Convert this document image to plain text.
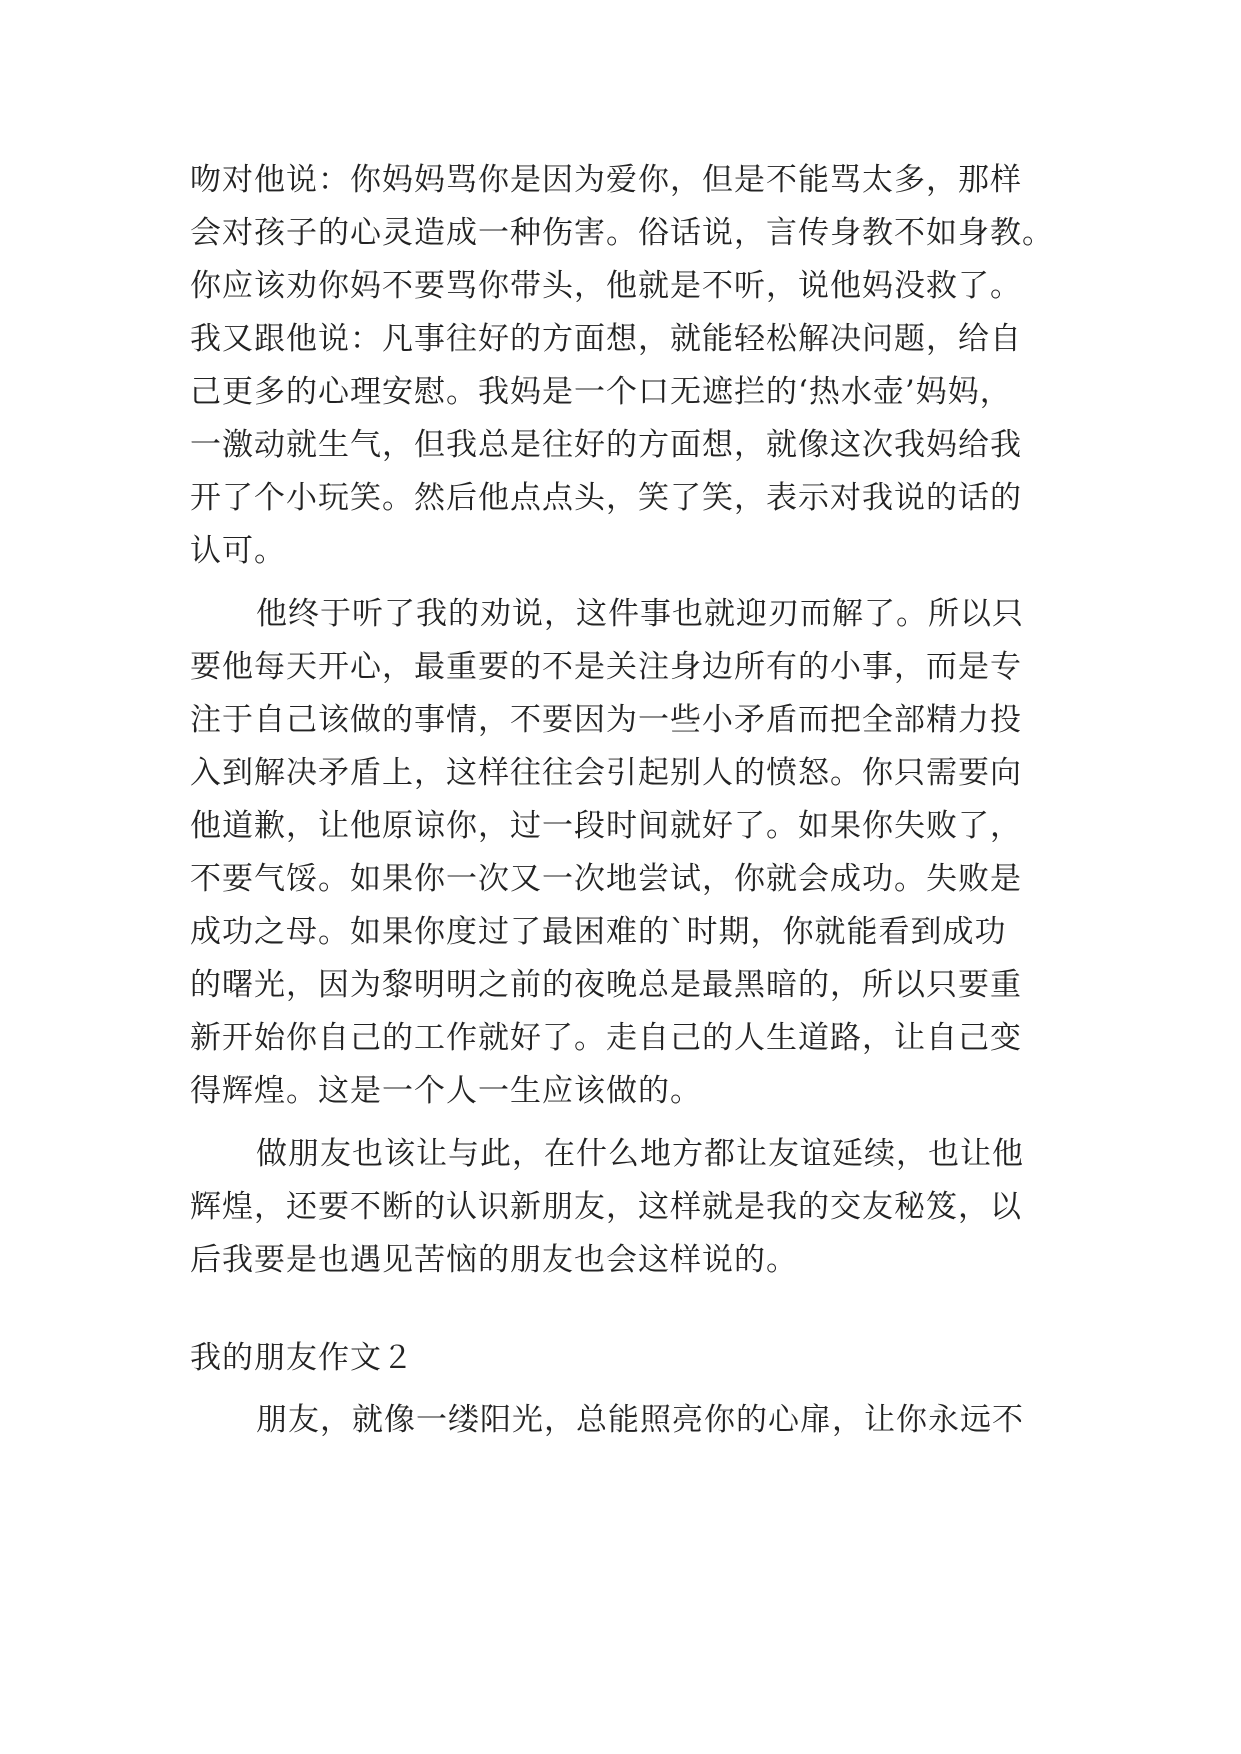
吻对他说：你妈妈骂你是因为爱你，但是不能骂太多，那样
会对孩子的心灵造成一种伤害。俗话说，言传身教不如身教。
你应该劝你妈不要骂你带头，他就是不听，说他妈没救了。
我又跟他说：凡事往好的方面想，就能轻松解决问题，给自
己更多的心理安慰。我妈是一个口无遮拦的‘热水壶’妈妈，
一激动就生气，但我总是往好的方面想，就像这次我妈给我
开了个小玩笑。然后他点点头，笑了笑，表示对我说的话的
认可。
他终于听了我的劝说，这件事也就迎刃而解了。所以只
要他每天开心，最重要的不是关注身边所有的小事，而是专
注于自己该做的事情，不要因为一些小矛盾而把全部精力投
入到解决矛盾上，这样往往会引起别人的愤怒。你只需要向
他道歉，让他原谅你，过一段时间就好了。如果你失败了，
不要气馁。如果你一次又一次地尝试，你就会成功。失败是
成功之母。如果你度过了最困难的`时期，你就能看到成功
的曙光，因为黎明明之前的夜晚总是最黑暗的，所以只要重
新开始你自己的工作就好了。走自己的人生道路，让自己变
得辉煌。这是一个人一生应该做的。
做朋友也该让与此，在什么地方都让友谊延续，也让他
辉煌，还要不断的认识新朋友，这样就是我的交友秘笈，以
后我要是也遇见苦恼的朋友也会这样说的。
我的朋友作文２
朋友，就像一缕阳光，总能照亮你的心扉，让你永远不
